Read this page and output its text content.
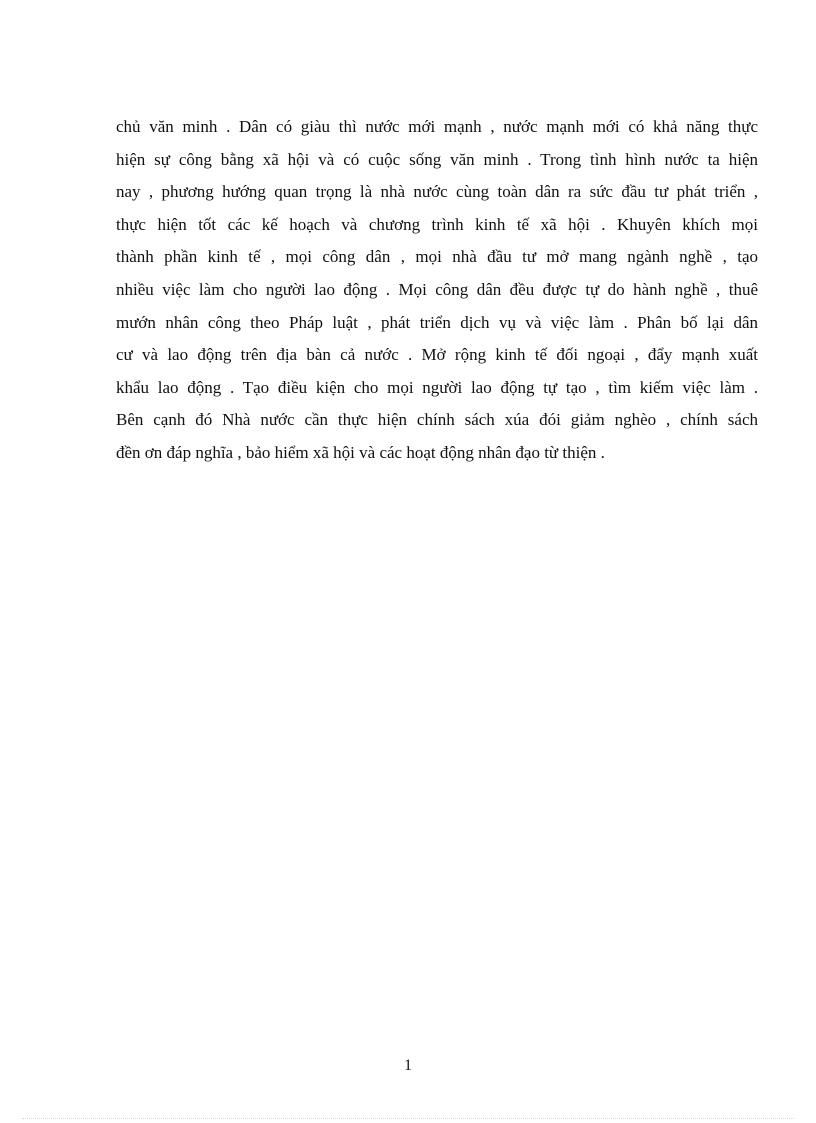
chủ văn minh . Dân có giàu thì nước mới mạnh , nước mạnh mới có khả năng thực
hiện sự công bằng xã hội và có cuộc sống văn minh . Trong tình hình nước ta hiện
nay , phương hướng quan trọng là nhà nước cùng toàn dân ra sức đầu tư phát triển ,
thực hiện tốt các kế hoạch và chương trình kinh tế xã hội . Khuyên khích mọi
thành phần kinh tế , mọi công dân , mọi nhà đầu tư mở mang ngành nghề , tạo
nhiều việc làm cho người lao động . Mọi công dân đều được tự do hành nghề , thuê
mướn nhân công theo Pháp luật , phát triển dịch vụ và việc làm . Phân bố lại dân
cư và lao động trên địa bàn cả nước . Mở rộng kinh tế đối ngoại , đẩy mạnh xuất
khẩu lao động . Tạo điều kiện cho mọi người lao động tự tạo , tìm kiếm việc làm .
Bên cạnh đó Nhà nước cần thực hiện chính sách xúa đói giảm nghèo , chính sách
đền ơn đáp nghĩa , bảo hiểm xã hội và các hoạt động nhân đạo từ thiện .
1
